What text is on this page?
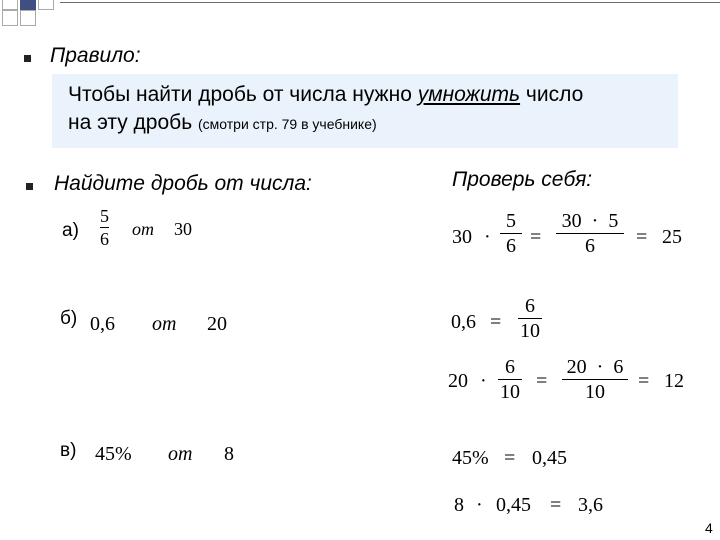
Правило:
Чтобы найти дробь от числа нужно умножить число
на эту дробь (смотри стр. 79 в учебнике)
Найдите дробь от числа:	Проверь себя:
а)
5
6 от 30
б) 0,6 от 20
в) 45% от 8
30 ·
5
6 =
30  ·  5
6 = 25
0,6 =
6
10
20 ·
6
10 =
20  ·  6
10 = 12
45% = 0,45
8 · 0,45 = 3,6
4
